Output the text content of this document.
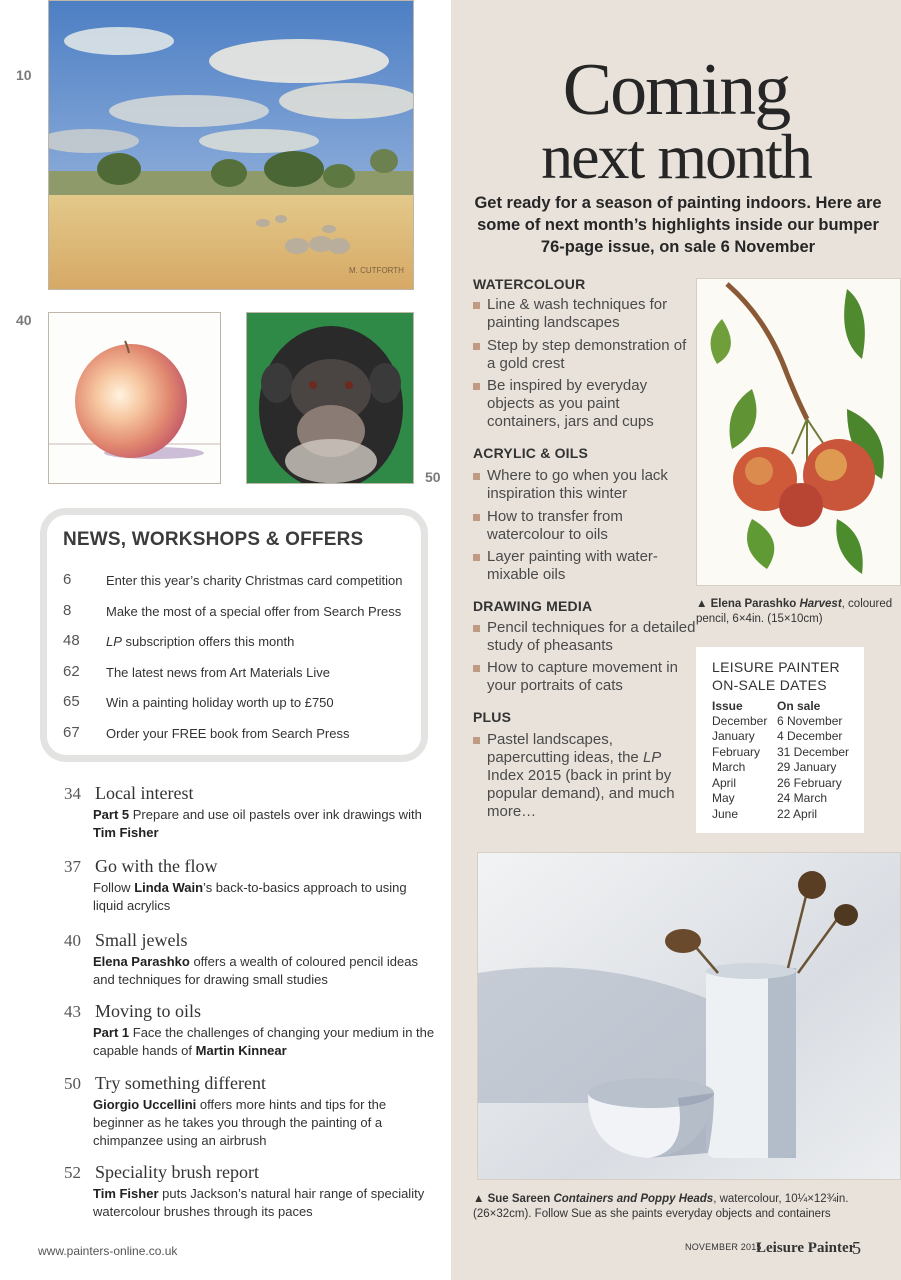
10
40
50
M. CUTFORTH
NEWS, WORKSHOPS & OFFERS
6	Enter this year’s charity Christmas card competition
8	Make the most of a special offer from Search Press
48	LP subscription offers this month
62	The latest news from Art Materials Live
65	Win a painting holiday worth up to £750
67	Order your FREE book from Search Press
34 Local interest
Part 5 Prepare and use oil pastels over ink drawings with Tim Fisher
37 Go with the flow
Follow Linda Wain’s back-to-basics approach to using liquid acrylics
40 Small jewels
Elena Parashko offers a wealth of coloured pencil ideas and techniques for drawing small studies
43 Moving to oils
Part 1 Face the challenges of changing your medium in the capable hands of Martin Kinnear
50 Try something different
Giorgio Uccellini offers more hints and tips for the beginner as he takes you through the painting of a chimpanzee using an airbrush
52 Speciality brush report
Tim Fisher puts Jackson’s natural hair range of speciality watercolour brushes through its paces
www.painters-online.co.uk
Coming
next month
Get ready for a season of painting indoors. Here are some of next month’s highlights inside our bumper 76-page issue, on sale 6 November
WATERCOLOUR
Line & wash techniques for painting landscapes
Step by step demonstration of a gold crest
Be inspired by everyday objects as you paint containers, jars and cups
ACRYLIC & OILS
Where to go when you lack inspiration this winter
How to transfer from watercolour to oils
Layer painting with water-mixable oils
DRAWING MEDIA
Pencil techniques for a detailed study of pheasants
How to capture movement in your portraits of cats
PLUS
Pastel landscapes, papercutting ideas, the LP Index 2015 (back in print by popular demand), and much more…
▲ Elena Parashko Harvest, coloured pencil, 6×4in. (15×10cm)
LEISURE PAINTER ON-SALE DATES
Issue	On sale
December 6 November
January 4 December
February 31 December
March	29 January
April	26 February
May	24 March
June	22 April
▲ Sue Sareen Containers and Poppy Heads, watercolour, 10¼×12¾in. (26×32cm). Follow Sue as she paints everyday objects and containers
NOVEMBER 2015
Leisure Painter
5
